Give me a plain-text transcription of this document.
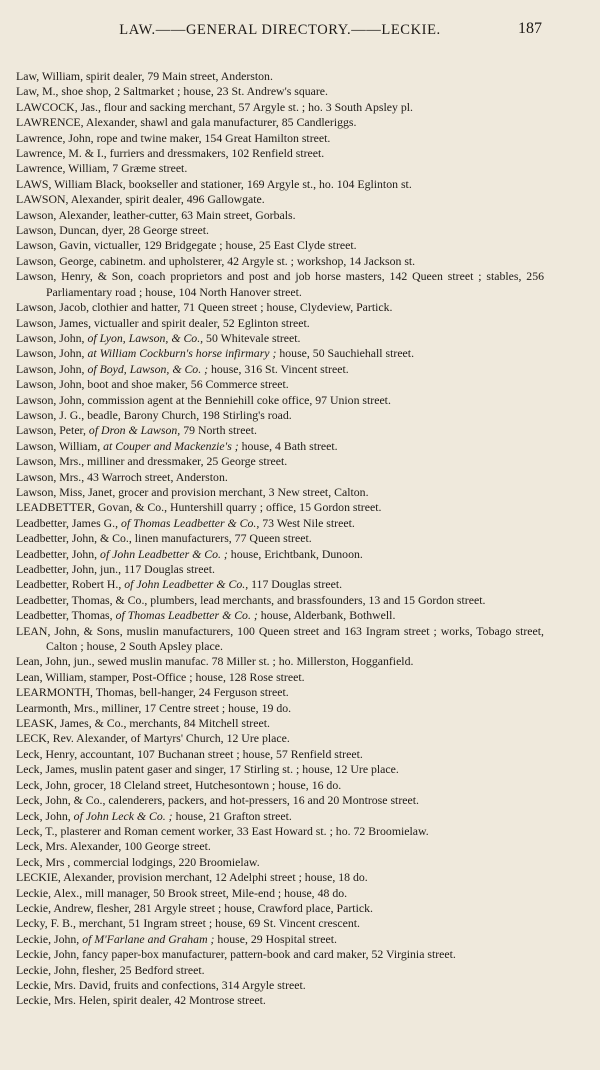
LAW.——GENERAL DIRECTORY.——LECKIE.	187
Law, William, spirit dealer, 79 Main street, Anderston.
Law, M., shoe shop, 2 Saltmarket ; house, 23 St. Andrew's square.
LAWCOCK, Jas., flour and sacking merchant, 57 Argyle st. ; ho. 3 South Apsley pl.
LAWRENCE, Alexander, shawl and gala manufacturer, 85 Candleriggs.
Lawrence, John, rope and twine maker, 154 Great Hamilton street.
Lawrence, M. & I., furriers and dressmakers, 102 Renfield street.
Lawrence, William, 7 Græme street.
LAWS, William Black, bookseller and stationer, 169 Argyle st., ho. 104 Eglinton st.
LAWSON, Alexander, spirit dealer, 496 Gallowgate.
Lawson, Alexander, leather-cutter, 63 Main street, Gorbals.
Lawson, Duncan, dyer, 28 George street.
Lawson, Gavin, victualler, 129 Bridgegate ; house, 25 East Clyde street.
Lawson, George, cabinetm. and upholsterer, 42 Argyle st. ; workshop, 14 Jackson st.
Lawson, Henry, & Son, coach proprietors and post and job horse masters, 142 Queen street ; stables, 256 Parliamentary road ; house, 104 North Hanover street.
Lawson, Jacob, clothier and hatter, 71 Queen street ; house, Clydeview, Partick.
Lawson, James, victualler and spirit dealer, 52 Eglinton street.
Lawson, John, of Lyon, Lawson, & Co., 50 Whitevale street.
Lawson, John, at William Cockburn's horse infirmary ; house, 50 Sauchiehall street.
Lawson, John, of Boyd, Lawson, & Co. ; house, 316 St. Vincent street.
Lawson, John, boot and shoe maker, 56 Commerce street.
Lawson, John, commission agent at the Benniehill coke office, 97 Union street.
Lawson, J. G., beadle, Barony Church, 198 Stirling's road.
Lawson, Peter, of Dron & Lawson, 79 North street.
Lawson, William, at Couper and Mackenzie's ; house, 4 Bath street.
Lawson, Mrs., milliner and dressmaker, 25 George street.
Lawson, Mrs., 43 Warroch street, Anderston.
Lawson, Miss, Janet, grocer and provision merchant, 3 New street, Calton.
LEADBETTER, Govan, & Co., Huntershill quarry ; office, 15 Gordon street.
Leadbetter, James G., of Thomas Leadbetter & Co., 73 West Nile street.
Leadbetter, John, & Co., linen manufacturers, 77 Queen street.
Leadbetter, John, of John Leadbetter & Co. ; house, Erichtbank, Dunoon.
Leadbetter, John, jun., 117 Douglas street.
Leadbetter, Robert H., of John Leadbetter & Co., 117 Douglas street.
Leadbetter, Thomas, & Co., plumbers, lead merchants, and brassfounders, 13 and 15 Gordon street.
Leadbetter, Thomas, of Thomas Leadbetter & Co. ; house, Alderbank, Bothwell.
LEAN, John, & Sons, muslin manufacturers, 100 Queen street and 163 Ingram street ; works, Tobago street, Calton ; house, 2 South Apsley place.
Lean, John, jun., sewed muslin manufac. 78 Miller st. ; ho. Millerston, Hogganfield.
Lean, William, stamper, Post-Office ; house, 128 Rose street.
LEARMONTH, Thomas, bell-hanger, 24 Ferguson street.
Learmonth, Mrs., milliner, 17 Centre street ; house, 19 do.
LEASK, James, & Co., merchants, 84 Mitchell street.
LECK, Rev. Alexander, of Martyrs' Church, 12 Ure place.
Leck, Henry, accountant, 107 Buchanan street ; house, 57 Renfield street.
Leck, James, muslin patent gaser and singer, 17 Stirling st. ; house, 12 Ure place.
Leck, John, grocer, 18 Cleland street, Hutchesontown ; house, 16 do.
Leck, John, & Co., calenderers, packers, and hot-pressers, 16 and 20 Montrose street.
Leck, John, of John Leck & Co. ; house, 21 Grafton street.
Leck, T., plasterer and Roman cement worker, 33 East Howard st. ; ho. 72 Broomielaw.
Leck, Mrs. Alexander, 100 George street.
Leck, Mrs , commercial lodgings, 220 Broomielaw.
LECKIE, Alexander, provision merchant, 12 Adelphi street ; house, 18 do.
Leckie, Alex., mill manager, 50 Brook street, Mile-end ; house, 48 do.
Leckie, Andrew, flesher, 281 Argyle street ; house, Crawford place, Partick.
Lecky, F. B., merchant, 51 Ingram street ; house, 69 St. Vincent crescent.
Leckie, John, of M'Farlane and Graham ; house, 29 Hospital street.
Leckie, John, fancy paper-box manufacturer, pattern-book and card maker, 52 Virginia street.
Leckie, John, flesher, 25 Bedford street.
Leckie, Mrs. David, fruits and confections, 314 Argyle street.
Leckie, Mrs. Helen, spirit dealer, 42 Montrose street.
